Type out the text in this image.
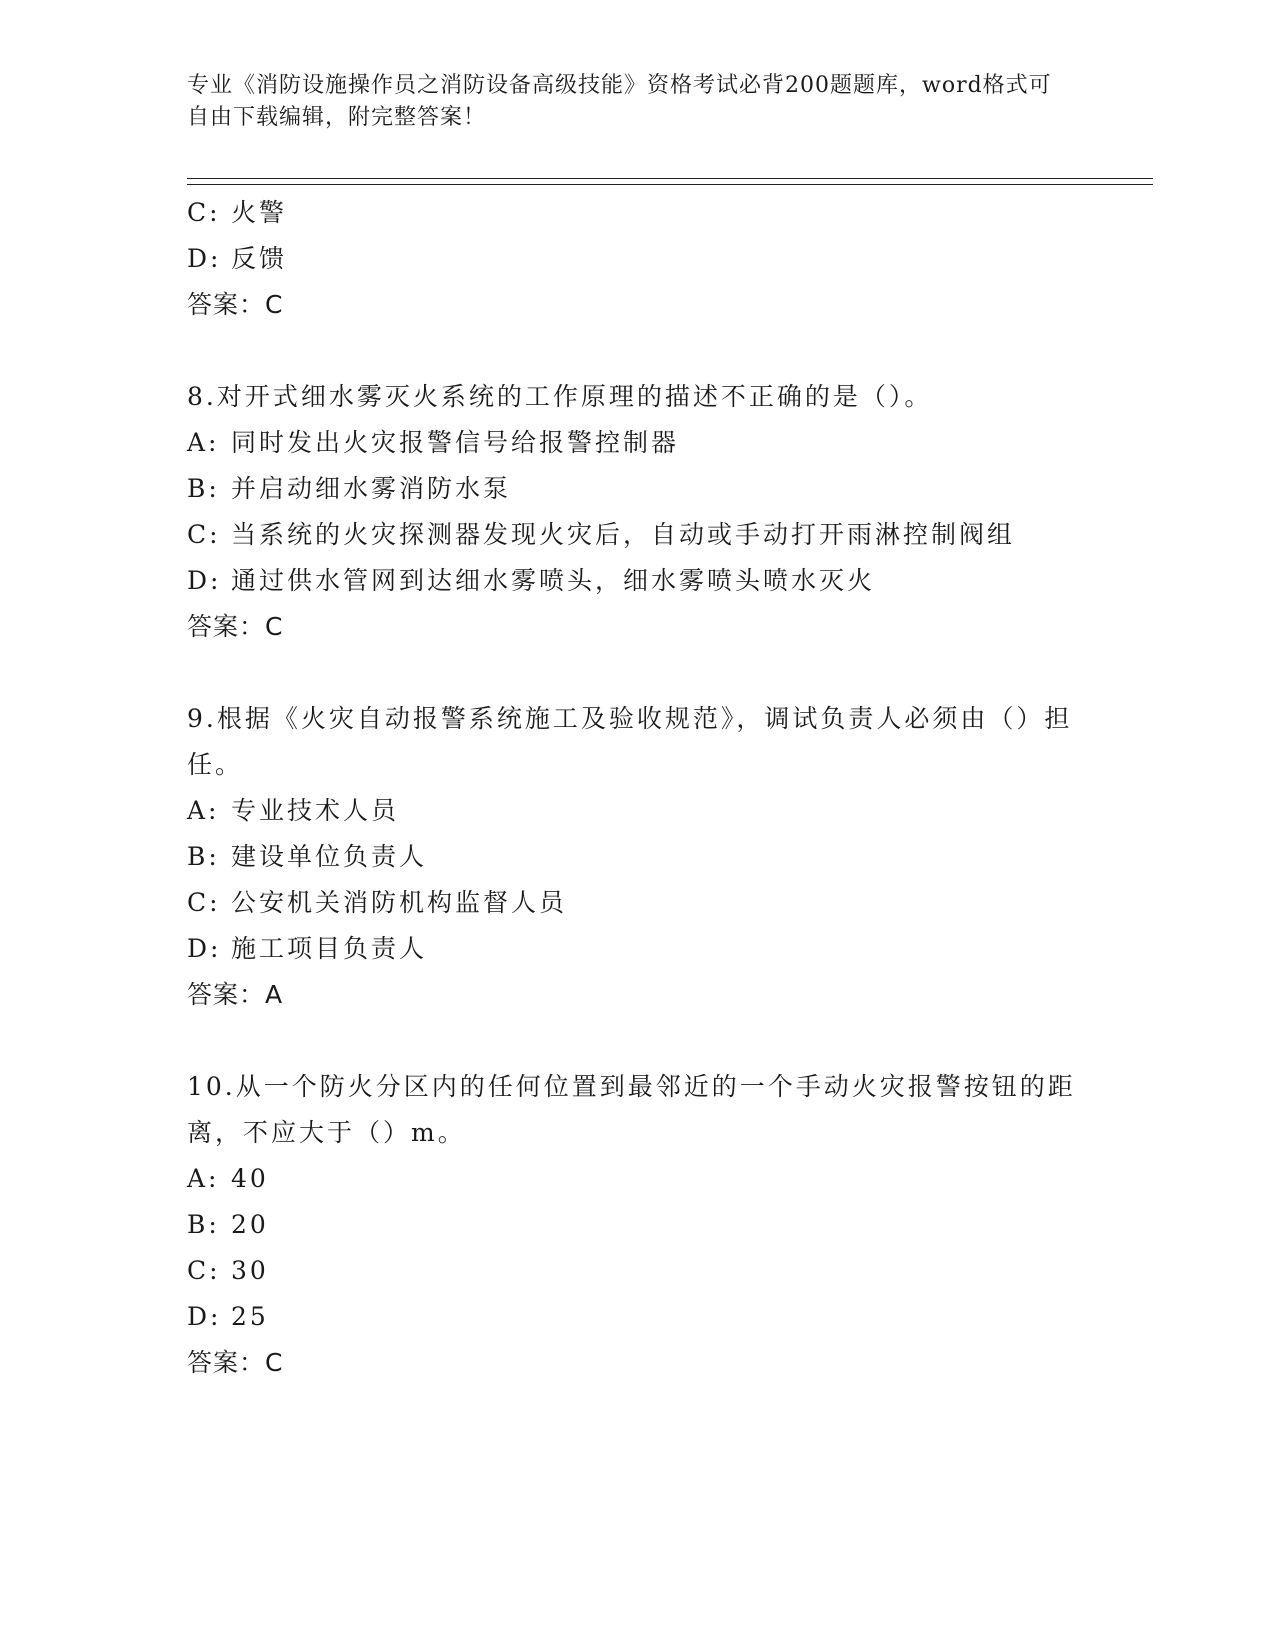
专业《消防设施操作员之消防设备高级技能》资格考试必背200题题库，word格式可自由下载编辑，附完整答案！
C: 火警
D: 反馈
答案：C
8.对开式细水雾灭火系统的工作原理的描述不正确的是（）。
A: 同时发出火灾报警信号给报警控制器
B: 并启动细水雾消防水泵
C: 当系统的火灾探测器发现火灾后，自动或手动打开雨淋控制阀组
D: 通过供水管网到达细水雾喷头，细水雾喷头喷水灭火
答案：C
9.根据《火灾自动报警系统施工及验收规范》，调试负责人必须由（）担任。
A: 专业技术人员
B: 建设单位负责人
C: 公安机关消防机构监督人员
D: 施工项目负责人
答案：A
10.从一个防火分区内的任何位置到最邻近的一个手动火灾报警按钮的距离，不应大于（）m。
A: 40
B: 20
C: 30
D: 25
答案：C
